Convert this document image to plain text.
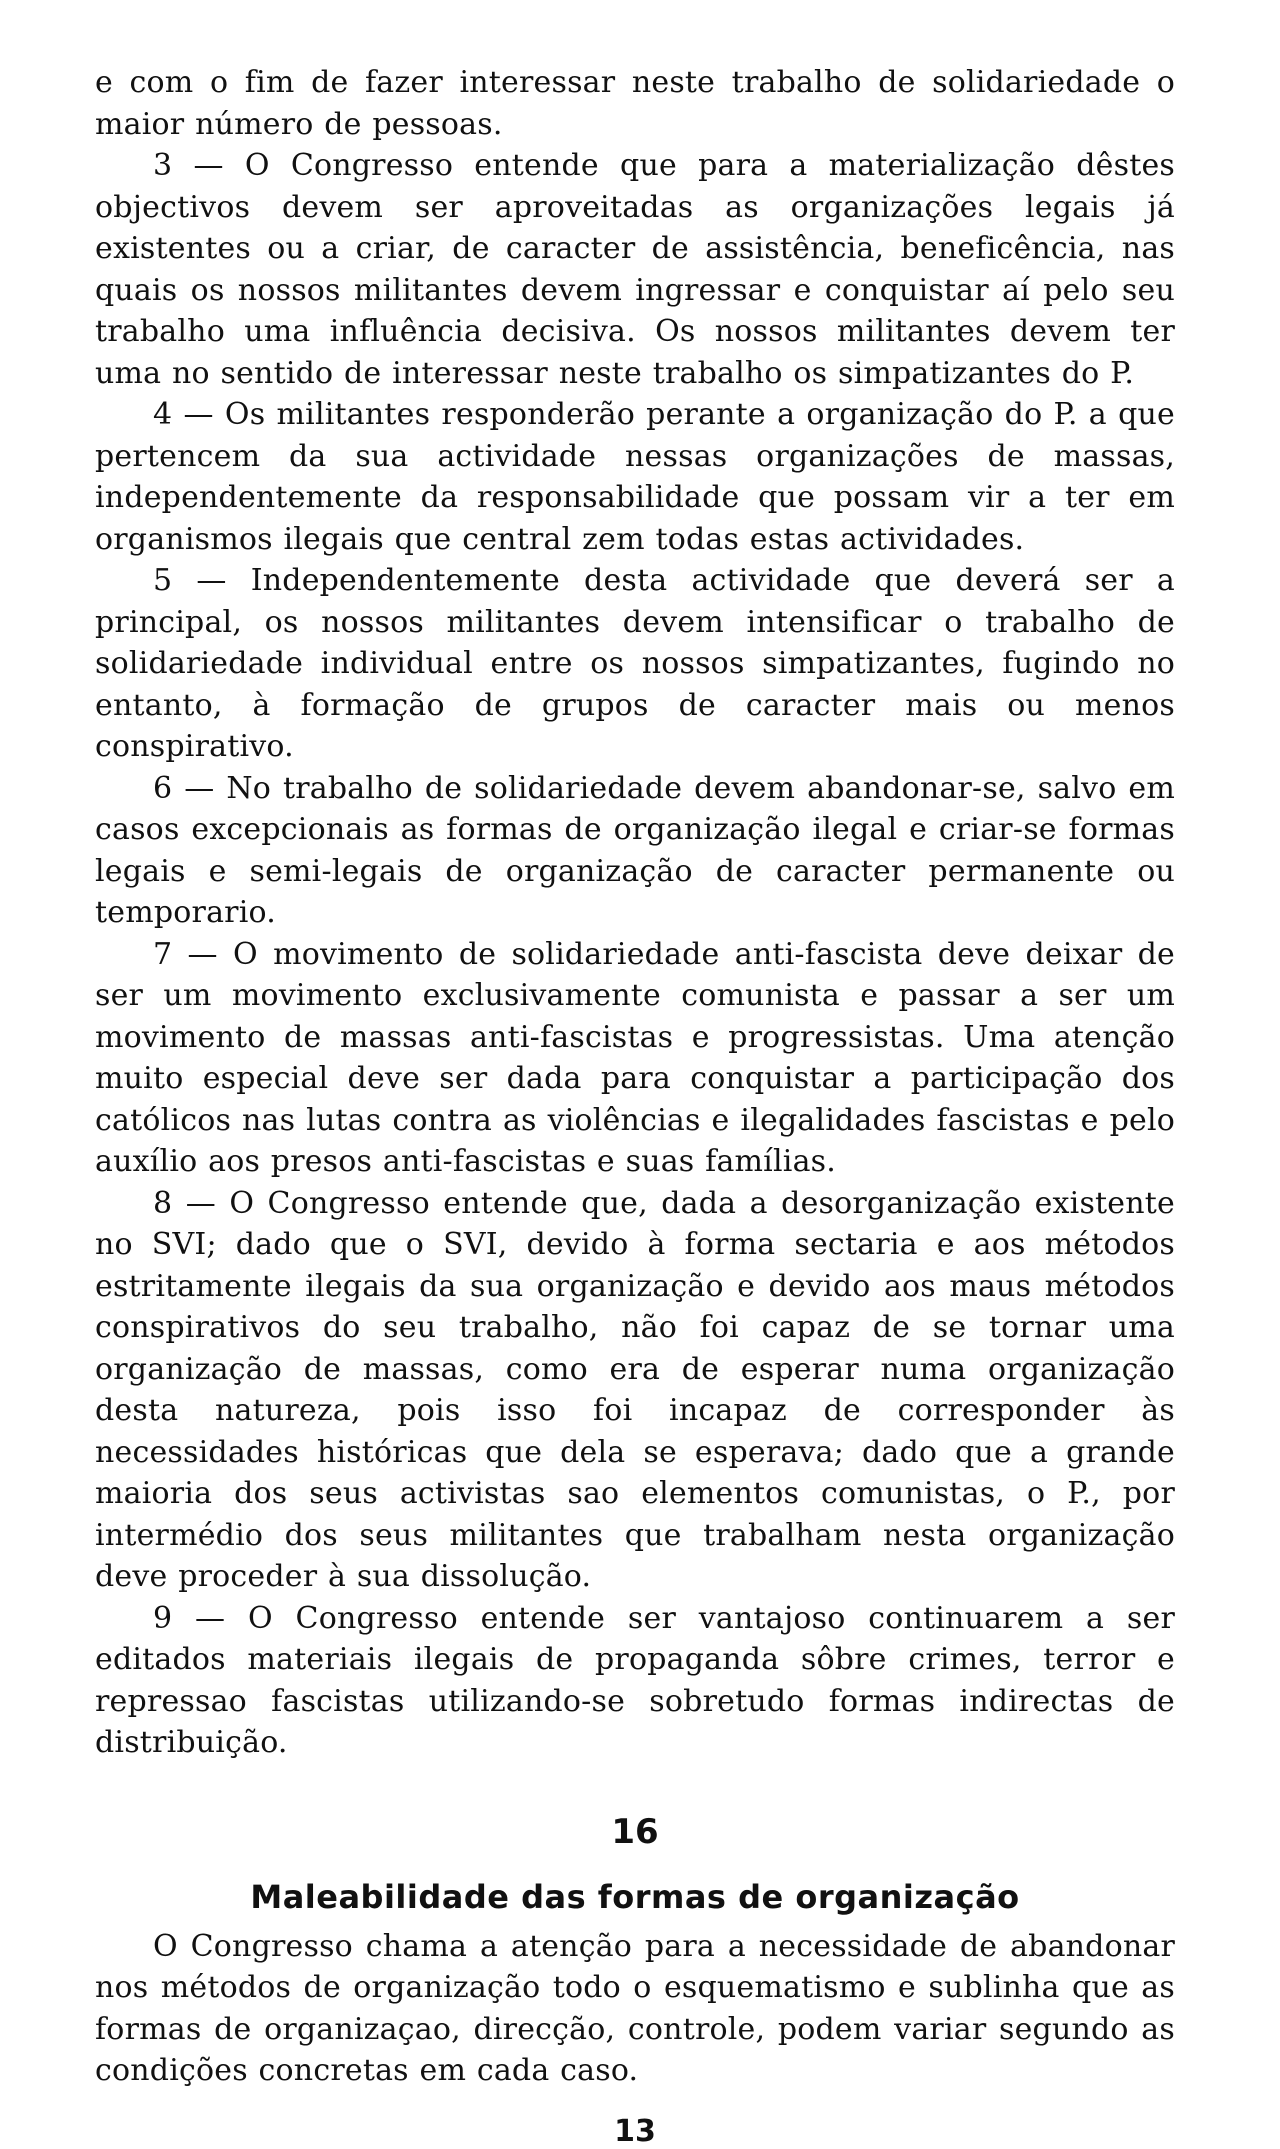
e com o fim de fazer interessar neste trabalho de solidariedade o maior número de pessoas.

3 — O Congresso entende que para a materialização dêstes objectivos devem ser aproveitadas as organizações legais já existentes ou a criar, de caracter de assistência, beneficência, nas quais os nossos militantes devem ingressar e conquistar aí pelo seu trabalho uma influência decisiva. Os nossos militantes devem ter uma no sentido de interessar neste trabalho os simpatizantes do P.

4 — Os militantes responderão perante a organização do P. a que pertencem da sua actividade nessas organizações de massas, independentemente da responsabilidade que possam vir a ter em organismos ilegais que central zem todas estas actividades.

5 — Independentemente desta actividade que deverá ser a principal, os nossos militantes devem intensificar o trabalho de solidariedade individual entre os nossos simpatizantes, fugindo no entanto, à formação de grupos de caracter mais ou menos conspirativo.

6 — No trabalho de solidariedade devem abandonar-se, salvo em casos excepcionais as formas de organização ilegal e criar-se formas legais e semi-legais de organização de caracter permanente ou temporario.

7 — O movimento de solidariedade anti-fascista deve deixar de ser um movimento exclusivamente comunista e passar a ser um movimento de massas anti-fascistas e progressistas. Uma atenção muito especial deve ser dada para conquistar a participação dos católicos nas lutas contra as violências e ilegalidades fascistas e pelo auxílio aos presos anti-fascistas e suas famílias.

8 — O Congresso entende que, dada a desorganização existente no SVI; dado que o SVI, devido à forma sectaria e aos métodos estritamente ilegais da sua organização e devido aos maus métodos conspirativos do seu trabalho, não foi capaz de se tornar uma organização de massas, como era de esperar numa organização desta natureza, pois isso foi incapaz de corresponder às necessidades históricas que dela se esperava; dado que a grande maioria dos seus activistas sao elementos comunistas, o P., por intermédio dos seus militantes que trabalham nesta organização deve proceder à sua dissolução.

9 — O Congresso entende ser vantajoso continuarem a ser editados materiais ilegais de propaganda sôbre crimes, terror e repressao fascistas utilizando-se sobretudo formas indirectas de distribuição.

16
Maleabilidade das formas de organização

O Congresso chama a atenção para a necessidade de abandonar nos métodos de organização todo o esquematismo e sublinha que as formas de organizaçao, direcção, controle, podem variar segundo as condições concretas em cada caso.

13
